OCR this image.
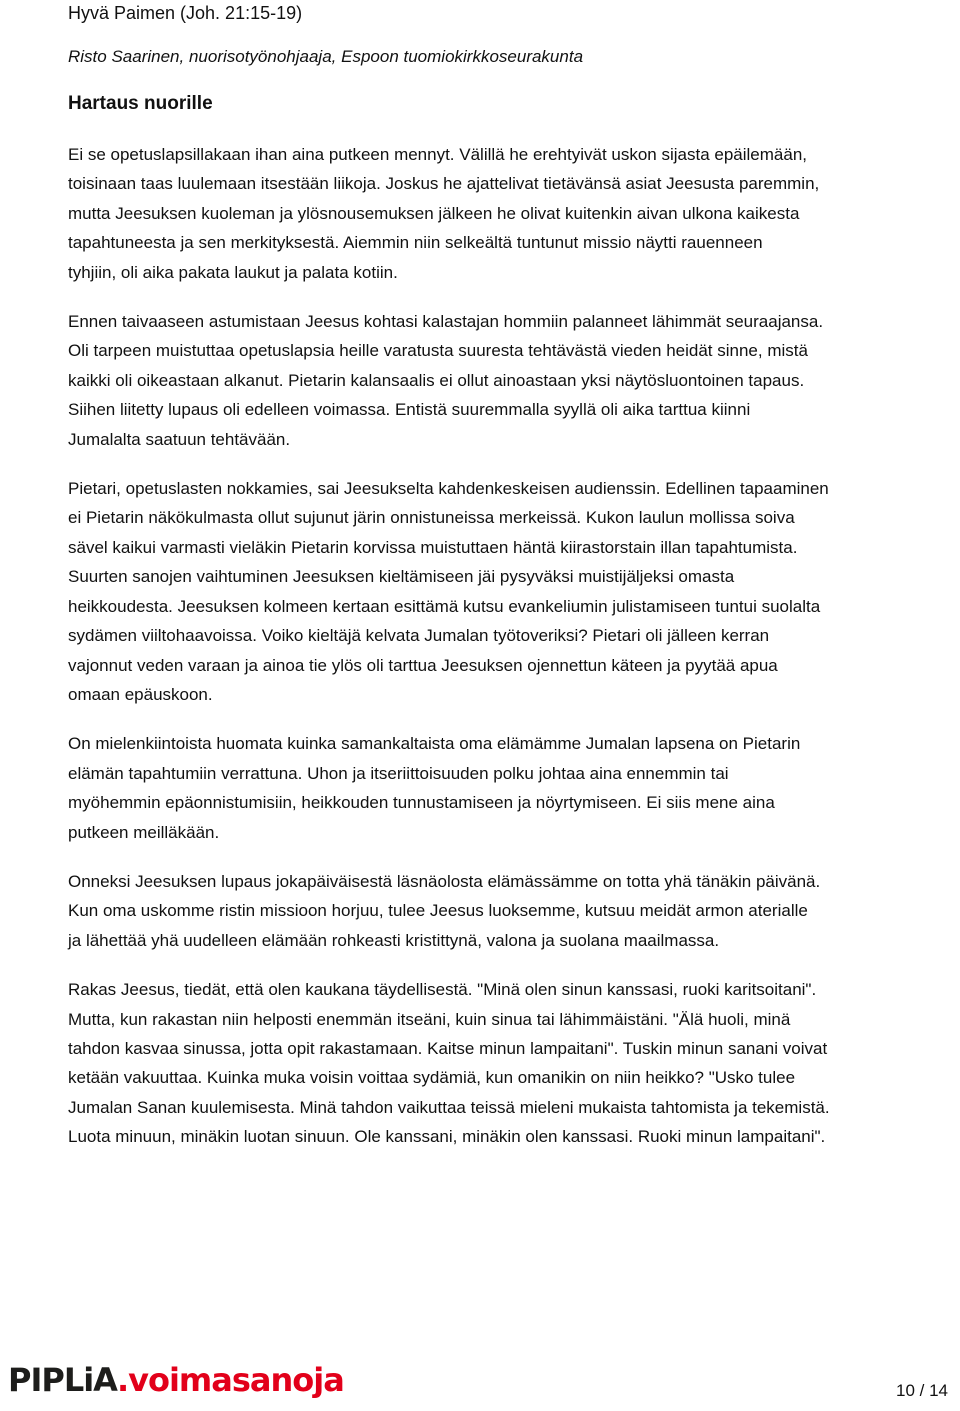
Hyvä Paimen (Joh. 21:15-19)
Risto Saarinen, nuorisotyönohjaaja, Espoon tuomiokirkkoseurakunta
Hartaus nuorille

Ei se opetuslapsillakaan ihan aina putkeen mennyt. Välillä he erehtyivät uskon sijasta epäilemään,
toisinaan taas luulemaan itsestään liikoja. Joskus he ajattelivat tietävänsä asiat Jeesusta paremmin,
mutta Jeesuksen kuoleman ja ylösnousemuksen jälkeen he olivat kuitenkin aivan ulkona kaikesta
tapahtuneesta ja sen merkityksestä. Aiemmin niin selkeältä tuntunut missio näytti rauenneen
tyhjiin, oli aika pakata laukut ja palata kotiin.

Ennen taivaaseen astumistaan Jeesus kohtasi kalastajan hommiin palanneet lähimmät seuraajansa.
Oli tarpeen muistuttaa opetuslapsia heille varatusta suuresta tehtävästä vieden heidät sinne, mistä
kaikki oli oikeastaan alkanut. Pietarin kalansaalis ei ollut ainoastaan yksi näytösluontoinen tapaus.
Siihen liitetty lupaus oli edelleen voimassa. Entistä suuremmalla syyllä oli aika tarttua kiinni
Jumalalta saatuun tehtävään.

Pietari, opetuslasten nokkamies, sai Jeesukselta kahdenkeskeisen audienssin. Edellinen tapaaminen
ei Pietarin näkökulmasta ollut sujunut järin onnistuneissa merkeissä. Kukon laulun mollissa soiva
sävel kaikui varmasti vieläkin Pietarin korvissa muistuttaen häntä kiirastorstain illan tapahtumista.
Suurten sanojen vaihtuminen Jeesuksen kieltämiseen jäi pysyväksi muistijäljeksi omasta
heikkoudesta. Jeesuksen kolmeen kertaan esittämä kutsu evankeliumin julistamiseen tuntui suolalta
sydämen viiltohaavoissa. Voiko kieltäjä kelvata Jumalan työtoveriksi? Pietari oli jälleen kerran
vajonnut veden varaan ja ainoa tie ylös oli tarttua Jeesuksen ojennettun käteen ja pyytää apua
omaan epäuskoon.

On mielenkiintoista huomata kuinka samankaltaista oma elämämme Jumalan lapsena on Pietarin
elämän tapahtumiin verrattuna. Uhon ja itseriittoisuuden polku johtaa aina ennemmin tai
myöhemmin epäonnistumisiin, heikkouden tunnustamiseen ja nöyrtymiseen. Ei siis mene aina
putkeen meilläkään.

Onneksi Jeesuksen lupaus jokapäiväisestä läsnäolosta elämässämme on totta yhä tänäkin päivänä.
Kun oma uskomme ristin missioon horjuu, tulee Jeesus luoksemme, kutsuu meidät armon aterialle
ja lähettää yhä uudelleen elämään rohkeasti kristittynä, valona ja suolana maailmassa.

Rakas Jeesus, tiedät, että olen kaukana täydellisestä. "Minä olen sinun kanssasi, ruoki karitsoitani".
Mutta, kun rakastan niin helposti enemmän itseäni, kuin sinua tai lähimmäistäni. "Älä huoli, minä
tahdon kasvaa sinussa, jotta opit rakastamaan. Kaitse minun lampaitani". Tuskin minun sanani voivat
ketään vakuuttaa. Kuinka muka voisin voittaa sydämiä, kun omanikin on niin heikko? "Usko tulee
Jumalan Sanan kuulemisesta. Minä tahdon vaikuttaa teissä mieleni mukaista tahtomista ja tekemistä.
Luota minuun, minäkin luotan sinuun. Ole kanssani, minäkin olen kanssasi. Ruoki minun lampaitani".

PIPLiA . voimasanoja	10 / 14
